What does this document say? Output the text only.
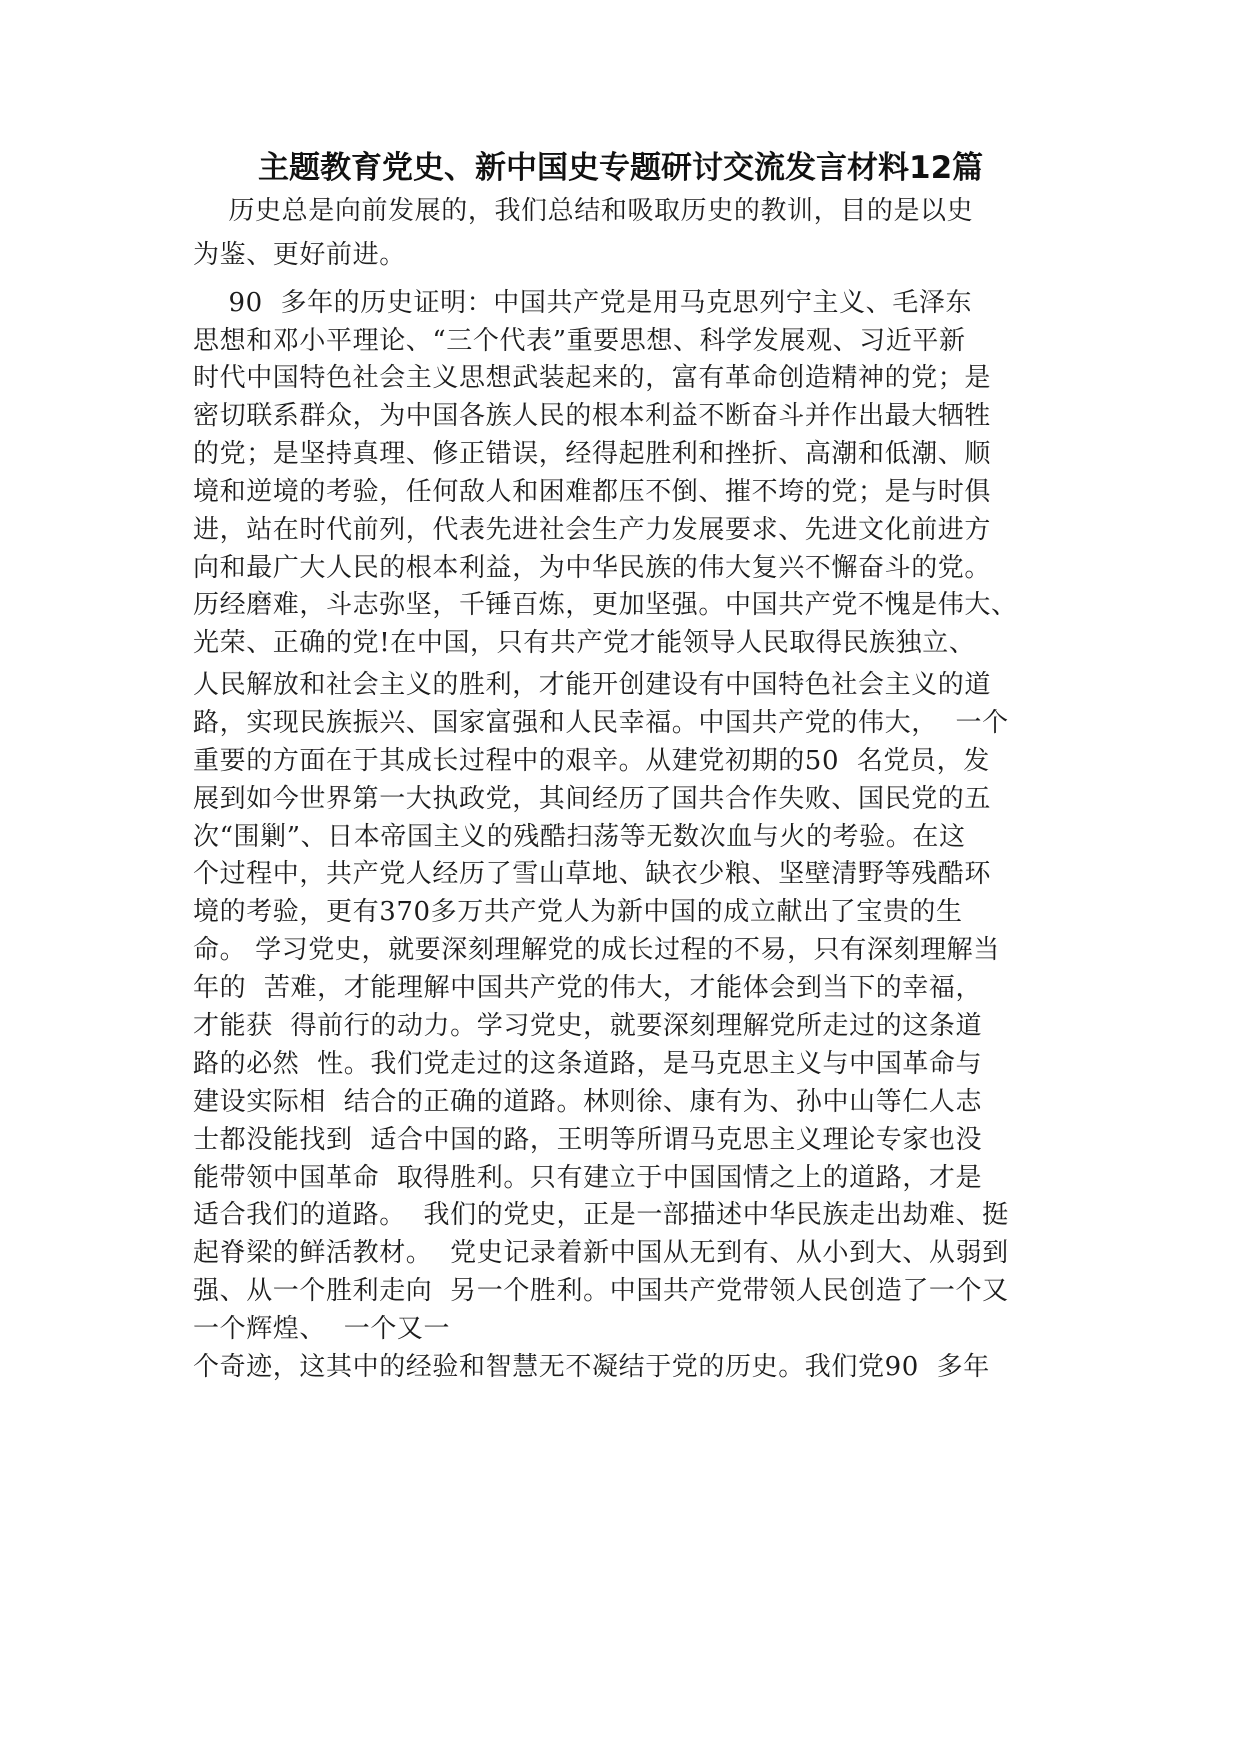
主题教育党史、新中国史专题研讨交流发言材料12篇
历史总是向前发展的，我们总结和吸取历史的教训，目的是以史
为鉴、更好前进。
90  多年的历史证明：中国共产党是用马克思列宁主义、毛泽东
思想和邓小平理论、“三个代表”重要思想、科学发展观、习近平新
时代中国特色社会主义思想武装起来的，富有革命创造精神的党；是
密切联系群众，为中国各族人民的根本利益不断奋斗并作出最大牺牲
的党；是坚持真理、修正错误，经得起胜利和挫折、高潮和低潮、顺
境和逆境的考验，任何敌人和困难都压不倒、摧不垮的党；是与时俱
进，站在时代前列，代表先进社会生产力发展要求、先进文化前进方
向和最广大人民的根本利益，为中华民族的伟大复兴不懈奋斗的党。
历经磨难，斗志弥坚，千锤百炼，更加坚强。中国共产党不愧是伟大、
光荣、正确的党!在中国，只有共产党才能领导人民取得民族独立、
人民解放和社会主义的胜利，才能开创建设有中国特色社会主义的道
路，实现民族振兴、国家富强和人民幸福。中国共产党的伟大，  一个
重要的方面在于其成长过程中的艰辛。从建党初期的50  名党员，发
展到如今世界第一大执政党，其间经历了国共合作失败、国民党的五
次“围剿”、日本帝国主义的残酷扫荡等无数次血与火的考验。在这
个过程中，共产党人经历了雪山草地、缺衣少粮、坚壁清野等残酷环
境的考验，更有370多万共产党人为新中国的成立献出了宝贵的生
命。 学习党史，就要深刻理解党的成长过程的不易，只有深刻理解当
年的  苦难，才能理解中国共产党的伟大，才能体会到当下的幸福，
才能获  得前行的动力。学习党史，就要深刻理解党所走过的这条道
路的必然  性。我们党走过的这条道路，是马克思主义与中国革命与
建设实际相  结合的正确的道路。林则徐、康有为、孙中山等仁人志
士都没能找到  适合中国的路，王明等所谓马克思主义理论专家也没
能带领中国革命  取得胜利。只有建立于中国国情之上的道路，才是
适合我们的道路。  我们的党史，正是一部描述中华民族走出劫难、挺
起脊梁的鲜活教材。  党史记录着新中国从无到有、从小到大、从弱到
强、从一个胜利走向  另一个胜利。中国共产党带领人民创造了一个又
一个辉煌、  一个又一
个奇迹，这其中的经验和智慧无不凝结于党的历史。我们党90  多年
